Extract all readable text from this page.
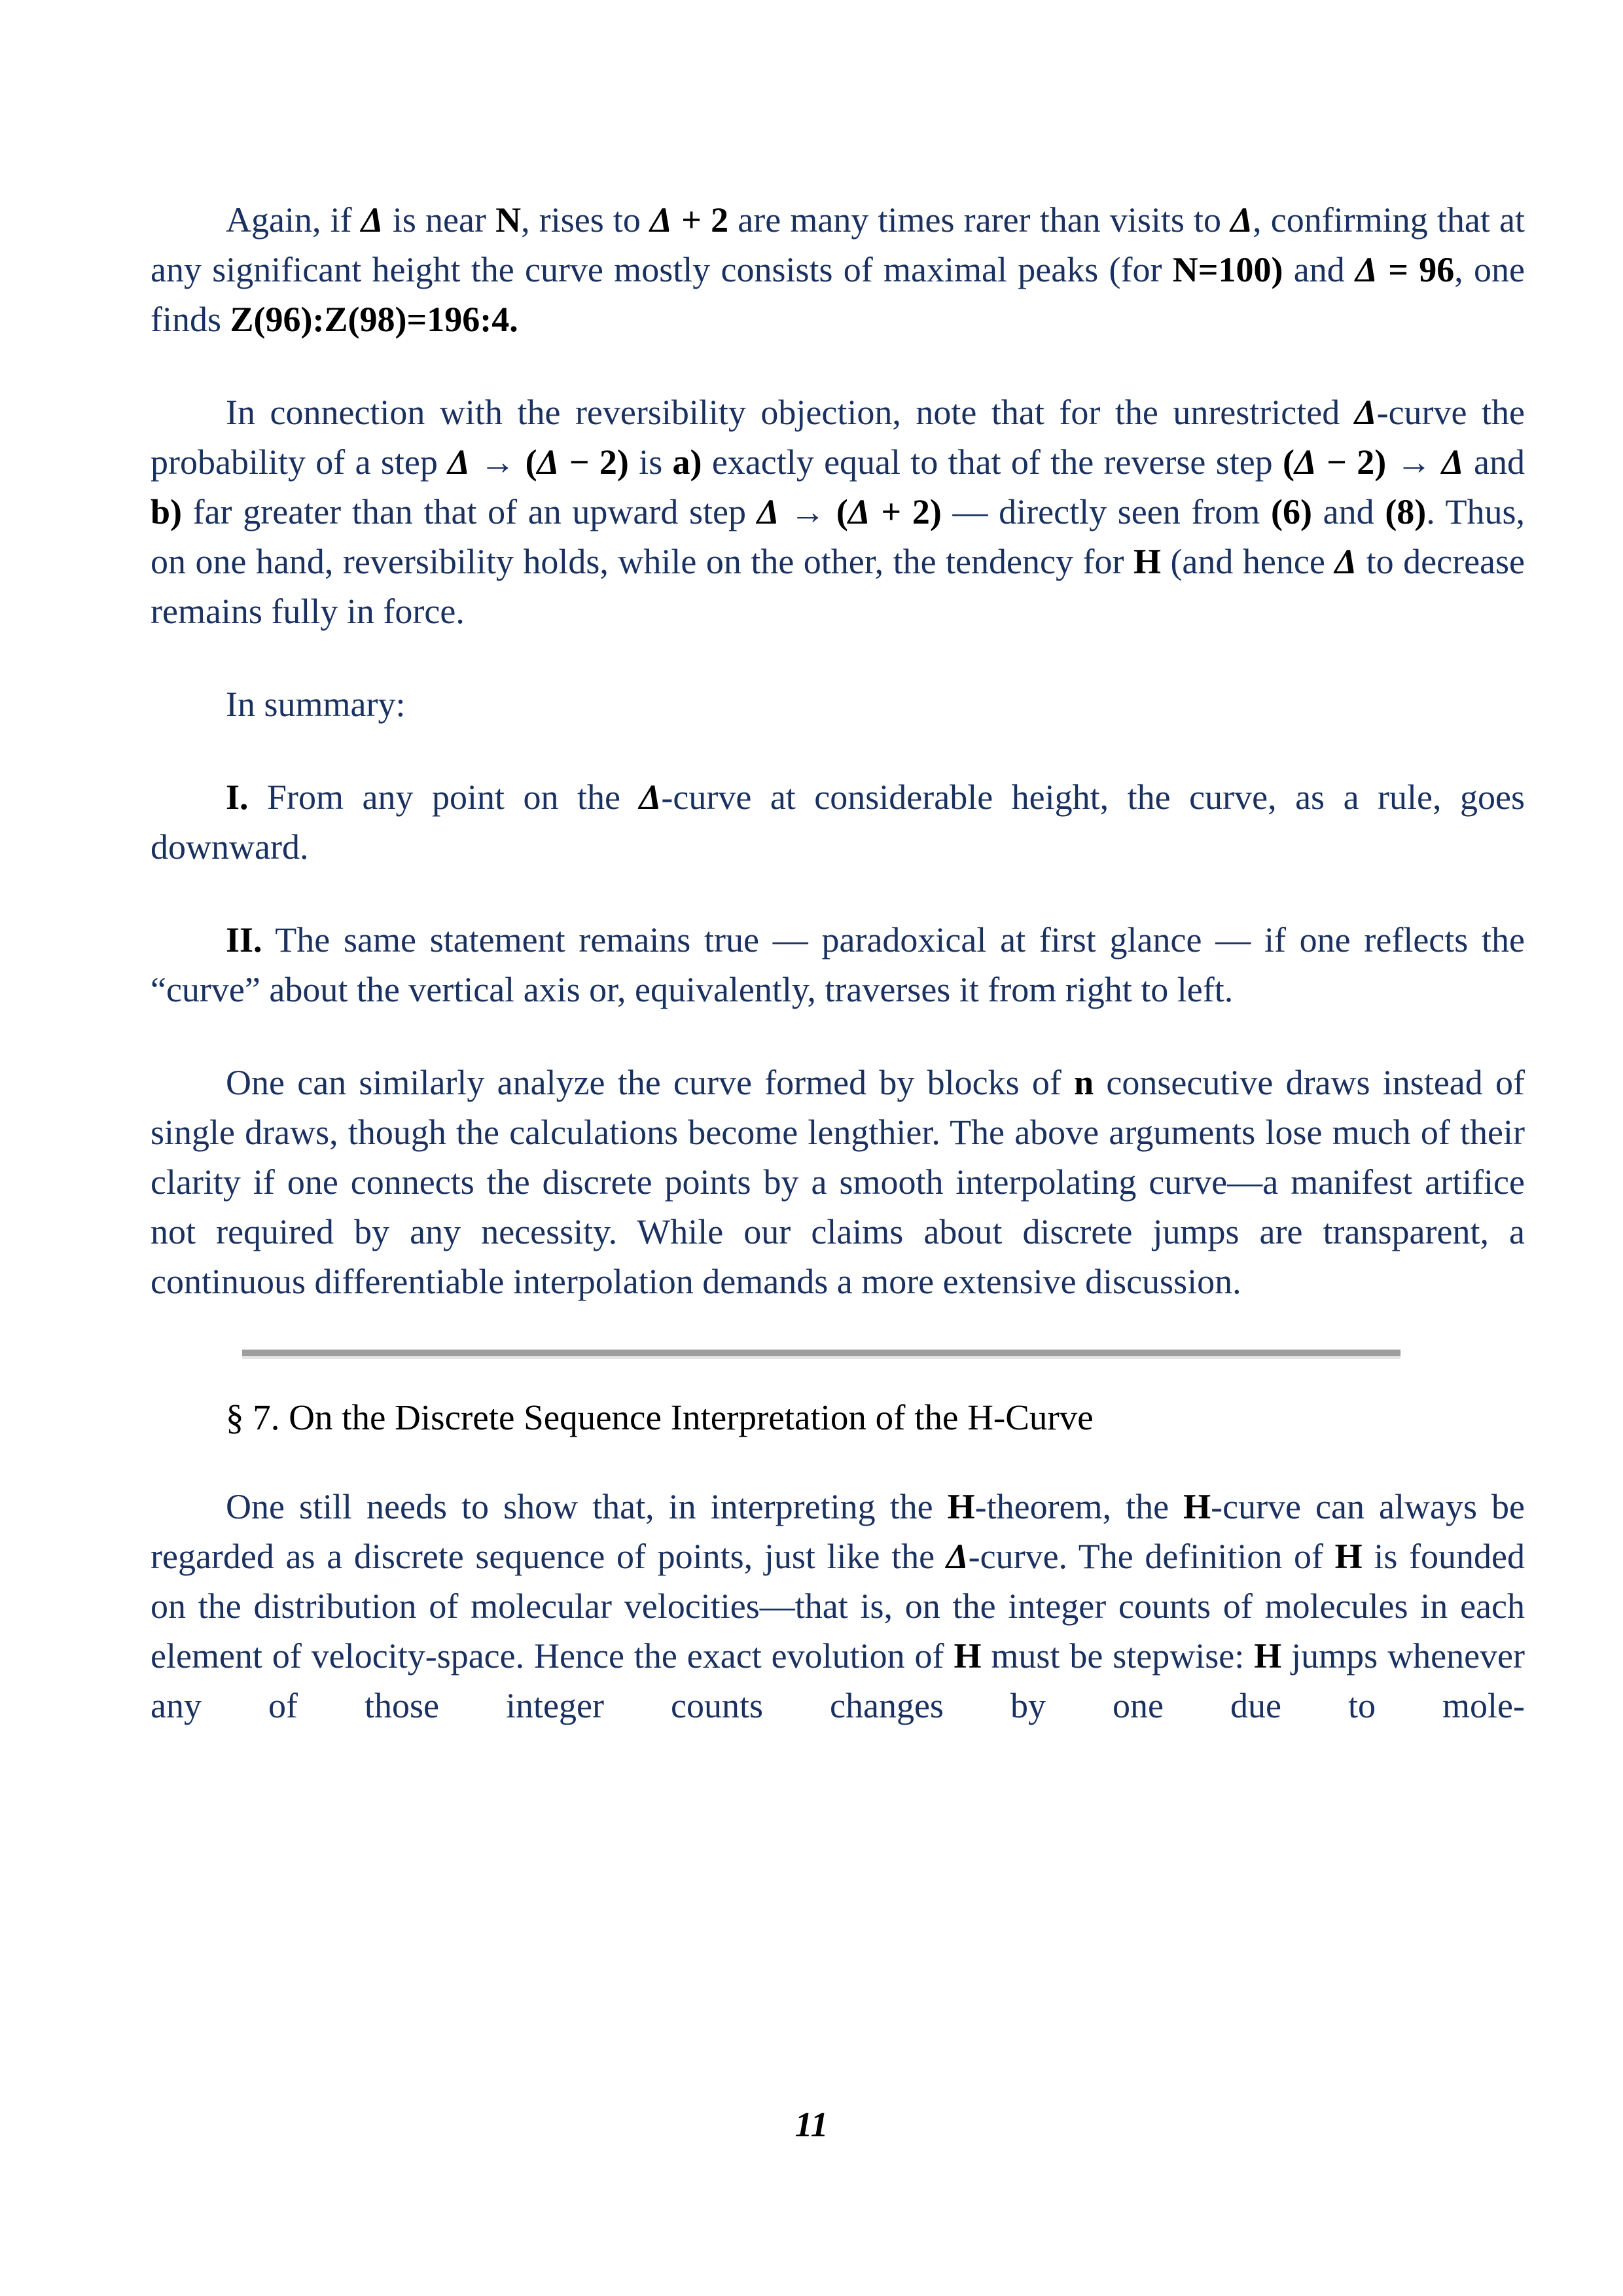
Again, if Δ is near N, rises to Δ + 2 are many times rarer than visits to Δ, confirming that at any significant height the curve mostly consists of maximal peaks (for N=100) and Δ = 96, one finds Z(96):Z(98)=196:4.

In connection with the reversibility objection, note that for the unrestricted Δ-curve the probability of a step Δ → (Δ − 2) is a) exactly equal to that of the reverse step (Δ − 2) → Δ and b) far greater than that of an upward step Δ → (Δ + 2) — directly seen from (6) and (8). Thus, on one hand, reversibility holds, while on the other, the tendency for H (and hence Δ to decrease remains fully in force.

In summary:

I. From any point on the Δ-curve at considerable height, the curve, as a rule, goes downward.

II. The same statement remains true — paradoxical at first glance — if one reflects the “curve” about the vertical axis or, equivalently, traverses it from right to left.

One can similarly analyze the curve formed by blocks of n consecutive draws instead of single draws, though the calculations become lengthier. The above arguments lose much of their clarity if one connects the discrete points by a smooth interpolating curve—a manifest artifice not required by any necessity. While our claims about discrete jumps are transparent, a continuous differentiable interpolation demands a more extensive discussion.

§ 7. On the Discrete Sequence Interpretation of the H-Curve

One still needs to show that, in interpreting the H-theorem, the H-curve can always be regarded as a discrete sequence of points, just like the Δ-curve. The definition of H is founded on the distribution of molecular velocities—that is, on the integer counts of molecules in each element of velocity-space. Hence the exact evolution of H must be stepwise: H jumps whenever any of those integer counts changes by one due to mole-

11
